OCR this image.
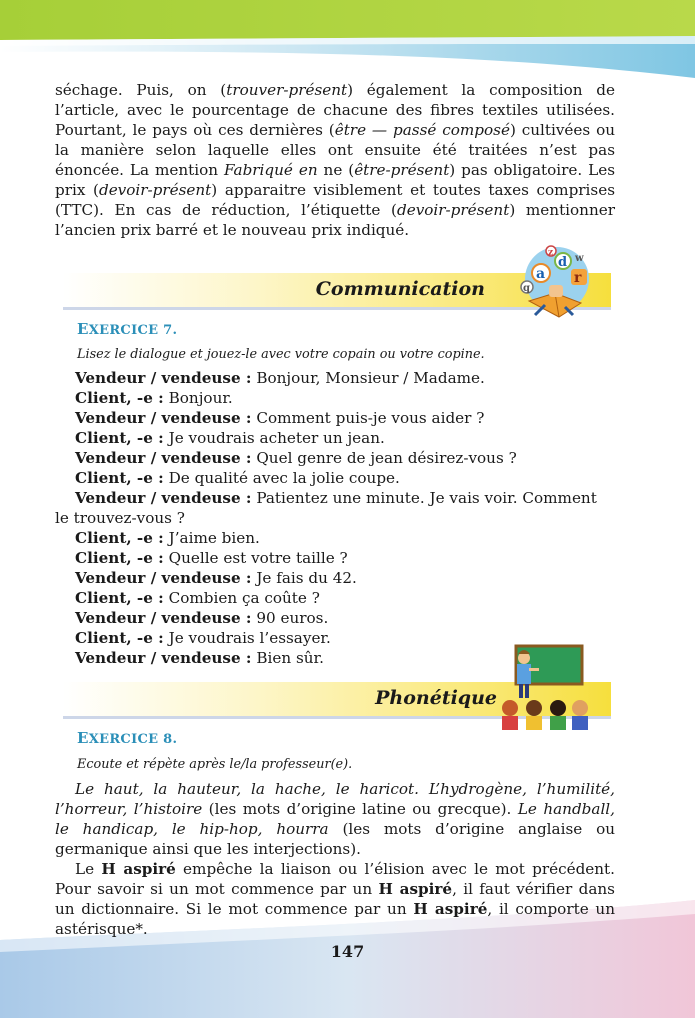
séchage. Puis, on (trouver-présent) également la composition de l’article, avec le pourcentage de chacune des fibres textiles utilisées. Pourtant, le pays où ces dernières (être — passé composé) cultivées ou la manière selon laquelle elles ont ensuite été traitées n’est pas énoncée. La mention Fabriqué en ne (être-présent) pas obligatoire. Les prix (devoir-présent) apparaitre visiblement et toutes taxes comprises (TTC). En cas de réduction, l’étiquette (devoir-présent) mentionner l’ancien prix barré et le nouveau prix indiqué.

Communication
a
d
r
z
q
w

EXERCICE 7.

Lisez le dialogue et jouez-le avec votre copain ou votre copine.

Vendeur / vendeuse : Bonjour, Monsieur / Madame.

Client, -e : Bonjour.

Vendeur / vendeuse : Comment puis-je vous aider ?

Client, -e : Je voudrais acheter un jean.

Vendeur / vendeuse : Quel genre de jean désirez-vous ?

Client, -e : De qualité avec la jolie coupe.

Vendeur / vendeuse : Patientez une minute. Je vais voir. Comment le trouvez-vous ?

Client, -e : J’aime bien.

Client, -e : Quelle est votre taille ?

Vendeur / vendeuse : Je fais du 42.

Client, -e : Combien ça coûte ?

Vendeur / vendeuse : 90 euros.

Client, -e : Je voudrais l’essayer.

Vendeur / vendeuse : Bien sûr.

Phonétique

EXERCICE 8.

Ecoute et répète après le/la professeur(e).

Le haut, la hauteur, la hache, le haricot. L’hydrogène, l’humilité, l’horreur, l’histoire (les mots d’origine latine ou grecque). Le handball, le handicap, le hip-hop, hourra (les mots d’origine anglaise ou germanique ainsi que les interjections).

Le H aspiré empêche la liaison ou l’élision avec le mot précédent. Pour savoir si un mot commence par un H aspiré, il faut vérifier dans un dictionnaire. Si le mot commence par un H aspiré, il comporte un astérisque*.

147
